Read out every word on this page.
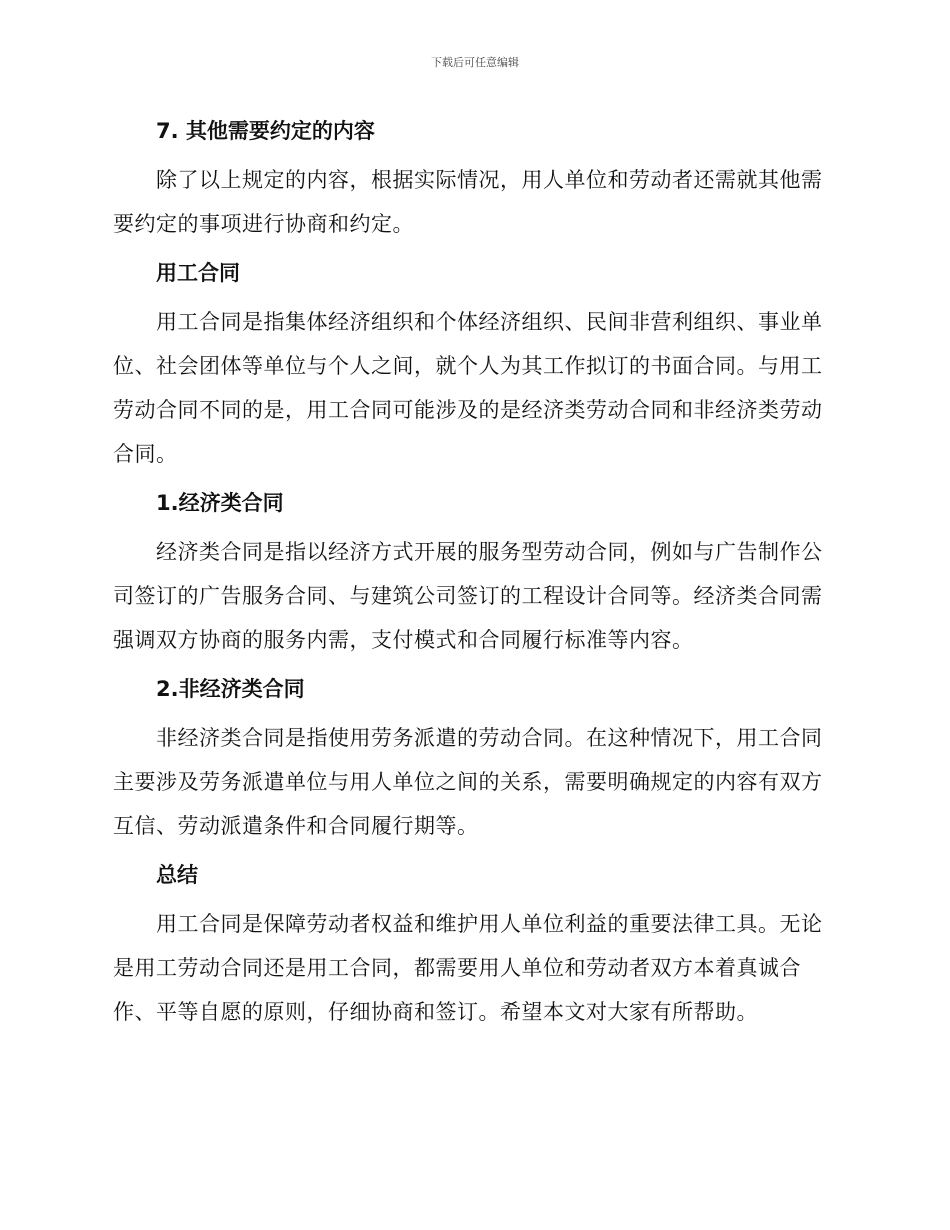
下载后可任意编辑
7. 其他需要约定的内容

除了以上规定的内容，根据实际情况，用人单位和劳动者还需就其他需要约定的事项进行协商和约定。

用工合同

用工合同是指集体经济组织和个体经济组织、民间非营利组织、事业单位、社会团体等单位与个人之间，就个人为其工作拟订的书面合同。与用工劳动合同不同的是，用工合同可能涉及的是经济类劳动合同和非经济类劳动合同。

1.经济类合同

经济类合同是指以经济方式开展的服务型劳动合同，例如与广告制作公司签订的广告服务合同、与建筑公司签订的工程设计合同等。经济类合同需强调双方协商的服务内需，支付模式和合同履行标准等内容。

2.非经济类合同

非经济类合同是指使用劳务派遣的劳动合同。在这种情况下，用工合同主要涉及劳务派遣单位与用人单位之间的关系，需要明确规定的内容有双方互信、劳动派遣条件和合同履行期等。

总结

用工合同是保障劳动者权益和维护用人单位利益的重要法律工具。无论是用工劳动合同还是用工合同，都需要用人单位和劳动者双方本着真诚合作、平等自愿的原则，仔细协商和签订。希望本文对大家有所帮助。
